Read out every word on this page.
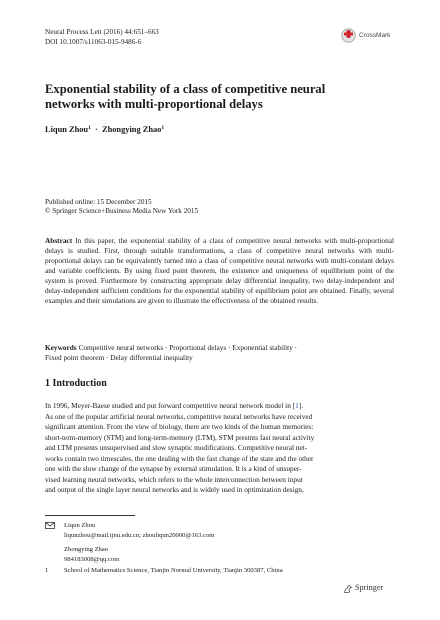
Neural Process Lett (2016) 44:651–663
DOI 10.1007/s11063-015-9486-6
CrossMark
Exponential stability of a class of competitive neural
networks with multi-proportional delays
Liqun Zhou$^1$ · Zhongying Zhao$^1$
Published online: 15 December 2015
© Springer Science+Business Media New York 2015
Abstract In this paper, the exponential stability of a class of competitive neural networks with multi-proportional delays is studied. First, through suitable transformations, a class of competitive neural networks with multi-proportional delays can be equivalently turned into a class of competitive neural networks with multi-constant delays and variable coefficients. By using fixed point theorem, the existence and uniqueness of equilibrium point of the system is proved. Furthermore by constructing appropriate delay differential inequality, two delay-independent and delay-independent sufficient conditions for the exponential stability of equilibrium point are obtained. Finally, several examples and their simulations are given to illustrate the effectiveness of the obtained results.
Keywords Competitive neural networks · Proportional delays · Exponential stability ·
Fixed point theorem · Delay differential inequality
1 Introduction
In 1996, Meyer-Baese studied and put forward competitive neural network model in [1].
As one of the popular artificial neural networks, competitive neural networks have received
significant attention. From the view of biology, there are two kinds of the human memories:
short-term-memory (STM) and long-term-memory (LTM), STM prestnts fast neural activity
and LTM presents unsupervised and slow synaptic modifications. Competitive neural net-
works contain two timescales, the one dealing with the fast change of the state and the other
one with the slow change of the synapse by external stimulation. It is a kind of unsuper-
vised learning neural networks, which refers to the whole interconnection between input
and output of the single layer neural networks and is widely used in optimization design,
Liqun Zhou
liqunzhou@mail.tjnu.edu.cn; zhouliqun20000@163.com
Zhongying Zhao
984183008@qq.com
1 School of Mathematics Science, Tianjin Normal University, Tianjin 300387, China
Springer
